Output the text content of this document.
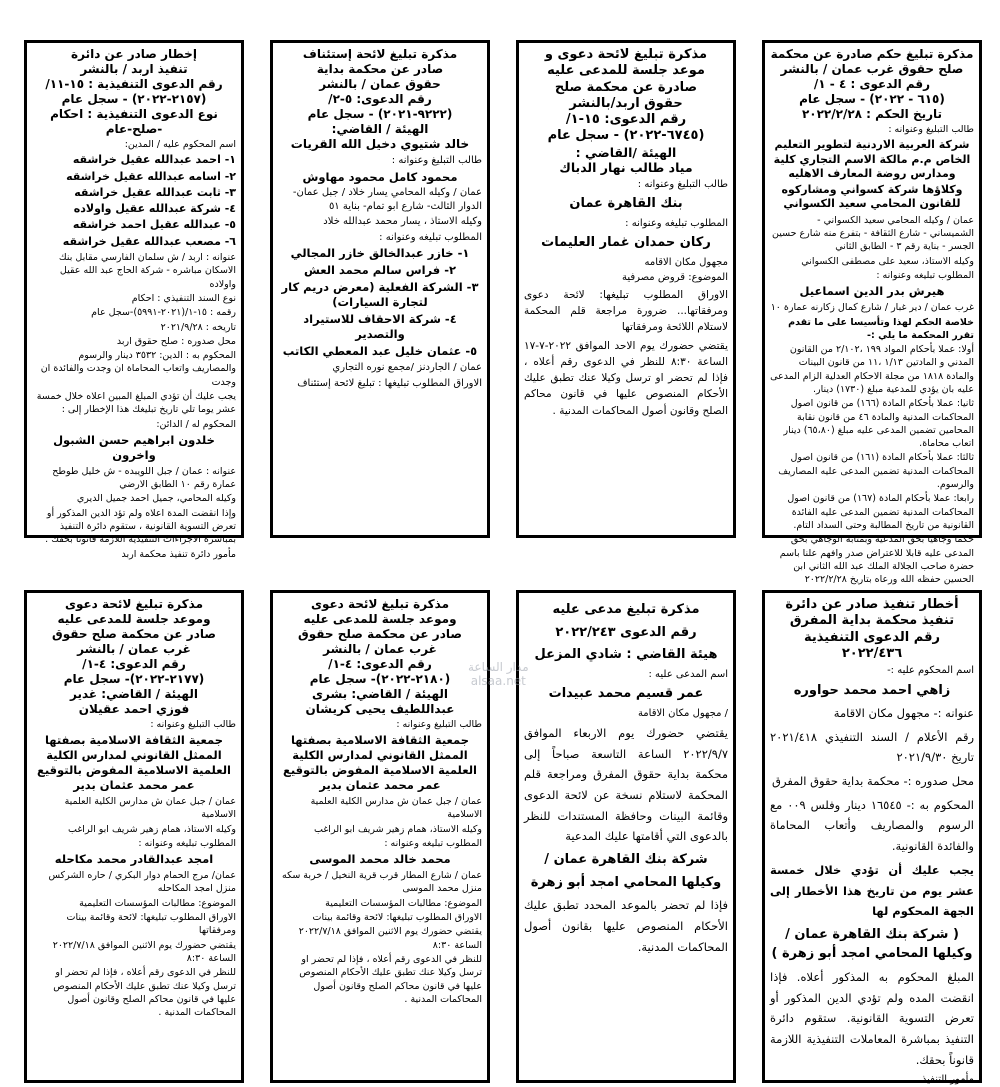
مذكرة تبليغ حكم صادرة عن محكمة

صلح حقوق غرب عمان / بالنشر

رقم الدعوى : ٤ - ١/

(٦١٥ - ٢٠٢٢) - سجل عام

تاريخ الحكم : ٢٠٢٢/٢/٢٨

طالب التبليغ وعنوانه :

شركة العربية الاردنية لتطوير التعليم الخاص م.م مالكة الاسم التجاري كلية ومدارس روضة المعارف الاهليه

وكلاؤها شركة كسواني ومشاركوه للقانون المحامي سعيد الكسواني

عمان / وكيله المحامي سعيد الكسواني - الشميساني - شارع الثقافة - بتفرع منه شارع حسين الجسر - بناية رقم ٣ - الطابق الثاني

وكيله الاستاذ، سعيد على مصطفى الكسواني

المطلوب تبليغه وعنوانه :

هيرش بدر الدين اسماعيل

غرب عمان / دير غبار / شارع كمال زكارنه عمارة ١٠

خلاصة الحكم لهذا وتأسيسا على ما تقدم تقرر المحكمة ما يلي :-

أولا: عملا بأحكام المواد ١٩٩ ،٢/١٠٢ من القانون المدني و المادتين ١/١٣ ،١١ من قانون البينات والمادة ١٨١٨ من مجلة الاحكام العدلية الزام المدعى عليه بان يؤدي للمدعية مبلغ (١٧٣٠) دينار.

ثانيا: عملا بأحكام المادة (١٦٦) من قانون اصول المحاكمات المدنية والمادة ٤٦ من قانون نقابة المحامين تضمين المدعى عليه مبلغ (٦٥،٨٠) دينار اتعاب محاماة.

ثالثا: عملا بأحكام المادة (١٦١) من قانون اصول المحاكمات المدنية تضمين المدعى عليه المصاريف والرسوم.

رابعا: عملا بأحكام المادة (١٦٧) من قانون اصول المحاكمات المدنية تضمين المدعى عليه الفائدة القانونية من تاريخ المطالبة وحتى السداد التام.

حكما وجاهيا بحق المدعية وبمثابة الوجاهي بحق المدعى عليه قابلا للاعتراض صدر وافهم علنا باسم حضرة صاحب الجلالة الملك عبد الله الثاني ابن الحسين حفظه الله ورعاه بتاريخ ٢٠٢٢/٢/٢٨

مذكرة تبليغ لائحة دعوى و

موعد جلسة للمدعى عليه

صادرة عن محكمة صلح

حقوق اربد/بالنشر

رقم الدعوى: ١٥-١/

(٦٧٤٥-٢٠٢٢) - سجل عام

الهيئة /القاضي :

مياد طالب نهار الدباك

طالب التبليغ وعنوانه :

بنك القاهرة عمان

المطلوب تبليغه وعنوانه :

ركان حمدان غمار العليمات

مجهول مكان الاقامه

الموضوع: قروض مصرفية

الاوراق المطلوب تبليغها: لائحة دعوى ومرفقاتها... ضرورة مراجعة قلم المحكمة لاستلام اللائحة ومرفقاتها

يقتضي حضورك يوم الاحد الموافق ٢٠٢٢-٧-١٧ الساعة ٨:٣٠ للنظر في الدعوى رقم أعلاه ، فإذا لم تحضر او ترسل وكيلا عنك تطبق عليك الأحكام المنصوص عليها في قانون محاكم الصلح وقانون أصول المحاكمات المدنية .

مذكرة تبليغ لائحة إستئناف

صادر عن محكمة بداية

حقوق عمان / بالنشر

رقم الدعوى: ٥-٢/

(٩٢٢٢-٢٠٢١) - سجل عام

الهيئة / القاضي:

خالد شتيوي دخيل الله القريات

طالب التبليغ وعنوانه :

محمود كامل محمود مهاوش

عمان / وكيله المحامي يسار خلاد / جبل عمان- الدوار الثالث- شارع ابو تمام- بناية ٥١

وكيله الاستاذ ، يسار محمد عبدالله خلاد

المطلوب تبليغه وعنوانه :

١- خازر عبدالخالق خازر المجالي

٢- فراس سالم محمد العش

٣- الشركة الفعلية (معرض دريم كار لتجارة السيارات)

٤- شركة الاحقاف للاستيراد والتصدير

٥- عثمان خليل عبد المعطي الكاتب

عمان / الجاردنز /مجمع نوره التجاري

الاوراق المطلوب تبليغها : تبليغ لائحة إستئناف

إخطار صادر عن دائرة

تنفيذ اربد / بالنشر

رقم الدعوى التنفيذية : ١٥-١١/

(٢١٥٧-٢٠٢٢) - سجل عام

نوع الدعوى التنفيذية : احكام -صلح-عام

اسم المحكوم عليه / المدين:

١- احمد عبدالله عقيل خراشقه

٢- اسامه عبدالله عقيل خراشقه

٣- ثابت عبدالله عقيل خراشقه

٤- شركة عبدالله عقيل واولاده

٥- عبدالله عقيل احمد خراشقه

٦- مصعب عبدالله عقيل خراشقه

عنوانه : اربد / ش سلمان الفارسي مقابل بنك الاسكان مباشره - شركة الحاج عبد الله عقيل واولاده

نوع السند التنفيذي : احكام

رقمه : ١٥-١/(٢٠٢١-٥٩٩١)-سجل عام

تاريخه : ٢٠٢١/٩/٢٨

محل صدوره : صلح حقوق اربد

المحكوم به : الدين: ٣٥٣٢ دينار والرسوم والمصاريف واتعاب المحاماة ان وجدت والفائدة ان وجدت

يجب عليك أن تؤدي المبلغ المبين اعلاه خلال خمسة عشر يوما تلي تاريخ تبليغك هذا الإخطار إلى :

المحكوم له / الدائن:

خلدون ابراهيم حسن الشبول واخرون

عنوانه : عمان / جبل اللويبده - ش خليل طوطح عمارة رقم ١٠ الطابق الارضي

وكيله المحامي، جميل احمد جميل الديري

وإذا انقضت المدة اعلاه ولم تؤد الدين المذكور أو تعرض التسوية القانونية ، ستقوم دائرة التنفيذ بمباشرة الاجراءات التنفيذية اللازمة قانونا بحقك .

مأمور دائرة تنفيذ محكمة اربد

أخطار تنفيذ صادر عن دائرة

تنفيذ محكمة بداية المفرق

رقم الدعوى التنفيذية

٢٠٢٢/٤٣٦

اسم المحكوم عليه :-

زاهي احمد محمد حواوره

عنوانه :- مجهول مكان الاقامة

رقم الأعلام / السند التنفيذي ٢٠٢١/٤١٨ تاريخ ٢٠٢١/٩/٣٠

محل صدوره :- محكمة بداية حقوق المفرق

المحكوم به :- ١٦٥٤٥ دينار وفلس ٠٠٩ مع الرسوم والمصاريف وأتعاب المحاماة والفائدة القانونية.

يجب عليك أن تؤدي خلال خمسة عشر يوم من تاريخ هذا الأخطار إلى الجهة المحكوم لها

( شركة بنك القاهرة عمان / وكيلها المحامي امجد أبو زهرة )

المبلغ المحكوم به المذكور أعلاه. فإذا انقضت المده ولم تؤدي الدين المذكور أو تعرض التسوية القانونية. ستقوم دائرة التنفيذ بمباشرة المعاملات التنفيذية اللازمة قانوناً بحقك.

مأمور التنفيذ

مذكرة تبليغ مدعى عليه

رقم الدعوى ٢٠٢٢/٢٤٣

هيئة القاضي : شادي المزعل

اسم المدعى عليه :

عمر قسيم محمد عبيدات

/ مجهول مكان الاقامة

يقتضي حضورك يوم الاربعاء الموافق ٢٠٢٢/٩/٧ الساعة التاسعة صباحاً إلى محكمة بداية حقوق المفرق ومراجعة قلم المحكمة لاستلام نسخة عن لائحة الدعوى وقائمة البينات وحافظة المستندات للنظر بالدعوى التي أقامتها عليك المدعية

شركة بنك القاهرة عمان /

وكيلها المحامي امجد أبو زهرة

فإذا لم تحضر بالموعد المحدد تطبق عليك الأحكام المنصوص عليها بقانون أصول المحاكمات المدنية.

مذكرة تبليغ لائحة دعوى

وموعد جلسة للمدعى عليه

صادر عن محكمة صلح حقوق

غرب عمان / بالنشر

رقم الدعوى: ٤-١/

(٢١٨٠-٢٠٢٢)- سجل عام

الهيئة / القاضي: بشرى

عبداللطيف يحيى كريشان

طالب التبليغ وعنوانه :

جمعية الثقافة الاسلامية بصفتها الممثل القانوني لمدارس الكلية العلمية الاسلامية المفوض بالتوقيع عمر محمد عثمان بدير

عمان / جبل عمان ش مدارس الكلية العلمية الاسلامية

وكيله الاستاذ، همام زهير شريف ابو الراغب

المطلوب تبليغه وعنوانه :

محمد خالد محمد الموسى

عمان / شارع المطار قرب قرية النخيل / خربة سكه منزل محمد الموسى

الموضوع: مطالبات المؤسسات التعليمية

الاوراق المطلوب تبليغها: لائحة وقائمة بينات

يقتضي حضورك يوم الاثنين الموافق ٢٠٢٢/٧/١٨ الساعة ٨:٣٠

للنظر في الدعوى رقم أعلاه ، فإذا لم تحضر او ترسل وكيلا عنك تطبق عليك الأحكام المنصوص عليها في قانون محاكم الصلح وقانون أصول المحاكمات المدنية .

مذكرة تبليغ لائحة دعوى

وموعد جلسة للمدعى عليه

صادر عن محكمة صلح حقوق

غرب عمان / بالنشر

رقم الدعوى: ٤-١/

(٢١٧٧-٢٠٢٢)- سجل عام

الهيئة / القاضي: غدير

فوزي احمد عقيلان

طالب التبليغ وعنوانه :

جمعية الثقافة الاسلامية بصفتها الممثل القانوني لمدارس الكلية العلمية الاسلامية المفوض بالتوقيع عمر محمد عثمان بدير

عمان / جبل عمان ش مدارس الكلية العلمية الاسلامية

وكيله الاستاذ، همام زهير شريف ابو الراغب

المطلوب تبليغه وعنوانه :

امجد عبدالقادر محمد مكاحله

عمان/ مرج الحمام دوار البكري / حاره الشركس منزل امجد المكاحله

الموضوع: مطالبات المؤسسات التعليمية

الاوراق المطلوب تبليغها: لائحة وقائمة بينات ومرفقاتها

يقتضي حضورك يوم الاثنين الموافق ٢٠٢٢/٧/١٨ الساعة ٨:٣٠

للنظر في الدعوى رقم أعلاه ، فإذا لم تحضر او ترسل وكيلا عنك تطبق عليك الأحكام المنصوص عليها في قانون محاكم الصلح وقانون أصول المحاكمات المدنية .

مدار الساعة
alsaa.net
